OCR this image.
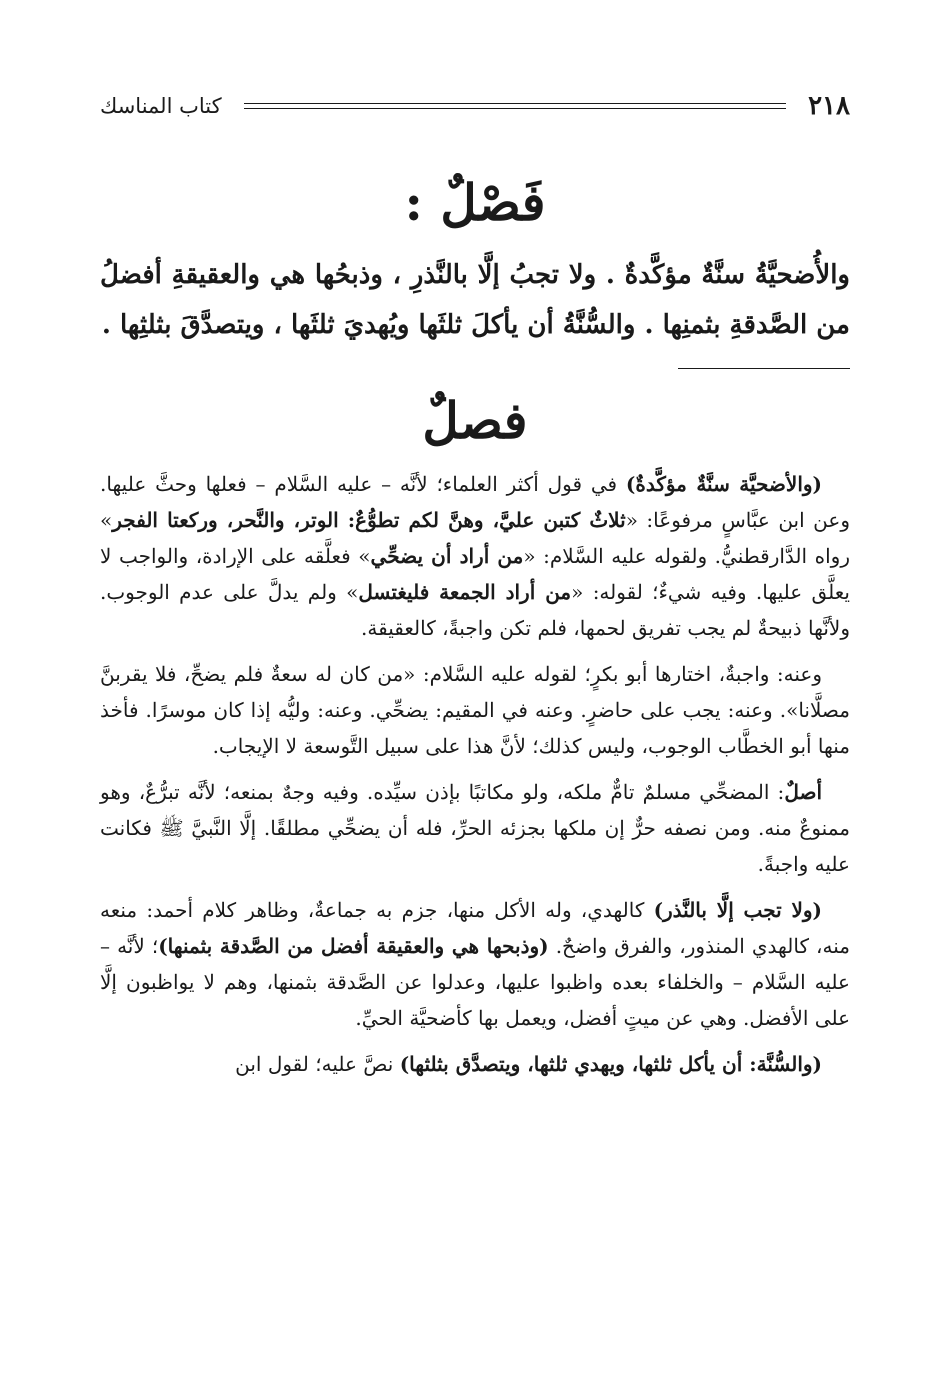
٢١٨
كتاب المناسك
فَصْلٌ :
والأُضحيَّةُ سنَّةٌ مؤكَّدةٌ . ولا تجبُ إلَّا بالنَّذرِ ، وذبحُها هي والعقيقةِ أفضلُ من الصَّدقةِ بثمنِها . والسُّنَّةُ أن يأكلَ ثلثَها ويُهديَ ثلثَها ، ويتصدَّقَ بثلثِها .
فصلٌ

(والأضحيَّة سنَّةٌ مؤكَّدةٌ) في قول أكثر العلماء؛ لأنَّه – عليه السَّلام – فعلها وحثَّ عليها. وعن ابن عبَّاسٍ مرفوعًا: «ثلاثٌ كتبن عليَّ، وهنَّ لكم تطوُّعٌ: الوتر، والنَّحر، وركعتا الفجر» رواه الدَّارقطنيُّ. ولقوله عليه السَّلام: «من أراد أن يضحِّي» فعلَّقه على الإرادة، والواجب لا يعلَّق عليها. وفيه شيءٌ؛ لقوله: «من أراد الجمعة فليغتسل» ولم يدلَّ على عدم الوجوب. ولأنَّها ذبيحةٌ لم يجب تفريق لحمها، فلم تكن واجبةً، كالعقيقة.

وعنه: واجبةٌ، اختارها أبو بكرٍ؛ لقوله عليه السَّلام: «من كان له سعةٌ فلم يضحِّ، فلا يقربنَّ مصلَّانا». وعنه: يجب على حاضرٍ. وعنه في المقيم: يضحِّي. وعنه: وليُّه إذا كان موسرًا. فأخذ منها أبو الخطَّاب الوجوب، وليس كذلك؛ لأنَّ هذا على سبيل التَّوسعة لا الإيجاب.

أصلٌ: المضحِّي مسلمٌ تامٌّ ملكه، ولو مكاتبًا بإذن سيِّده. وفيه وجهٌ بمنعه؛ لأنَّه تبرُّعٌ، وهو ممنوعٌ منه. ومن نصفه حرٌّ إن ملكها بجزئه الحرِّ، فله أن يضحِّي مطلقًا. إلَّا النَّبيَّ ﷺ فكانت عليه واجبةً.

(ولا تجب إلَّا بالنَّذر) كالهدي، وله الأكل منها، جزم به جماعةٌ، وظاهر كلام أحمد: منعه منه، كالهدي المنذور، والفرق واضحٌ. (وذبحها هي والعقيقة أفضل من الصَّدقة بثمنها)؛ لأنَّه – عليه السَّلام – والخلفاء بعده واظبوا عليها، وعدلوا عن الصَّدقة بثمنها، وهم لا يواظبون إلَّا على الأفضل. وهي عن ميتٍ أفضل، ويعمل بها كأضحيَّة الحيِّ.

(والسُّنَّة: أن يأكل ثلثها، ويهدي ثلثها، ويتصدَّق بثلثها) نصَّ عليه؛ لقول ابن
